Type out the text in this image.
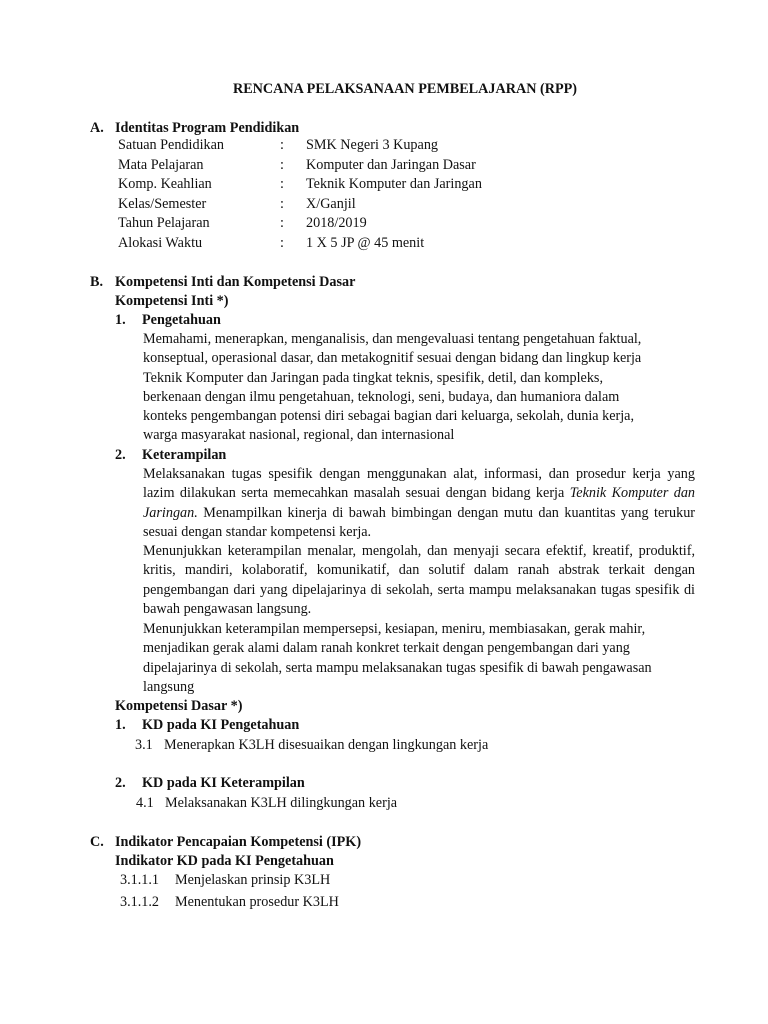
RENCANA PELAKSANAAN PEMBELAJARAN (RPP)
A. Identitas Program Pendidikan
Satuan Pendidikan	: SMK Negeri 3 Kupang
Mata Pelajaran	: Komputer dan Jaringan Dasar
Komp. Keahlian	: Teknik Komputer dan Jaringan
Kelas/Semester	: X/Ganjil
Tahun Pelajaran	: 2018/2019
Alokasi Waktu	: 1 X 5 JP @ 45 menit
B. Kompetensi Inti dan Kompetensi Dasar
Kompetensi Inti *)
1. Pengetahuan
Memahami, menerapkan, menganalisis, dan mengevaluasi tentang pengetahuan faktual,
konseptual, operasional dasar, dan metakognitif sesuai dengan bidang dan lingkup kerja
Teknik Komputer dan Jaringan pada tingkat teknis, spesifik, detil, dan kompleks,
berkenaan dengan ilmu pengetahuan, teknologi, seni, budaya, dan humaniora dalam
konteks pengembangan potensi diri sebagai bagian dari keluarga, sekolah, dunia kerja,
warga masyarakat nasional, regional, dan internasional
2. Keterampilan
Melaksanakan tugas spesifik dengan menggunakan alat, informasi, dan prosedur kerja yang lazim dilakukan serta memecahkan masalah sesuai dengan bidang kerja Teknik Komputer dan Jaringan. Menampilkan kinerja di bawah bimbingan dengan mutu dan kuantitas yang terukur sesuai dengan standar kompetensi kerja.
Menunjukkan keterampilan menalar, mengolah, dan menyaji secara efektif, kreatif, produktif, kritis, mandiri, kolaboratif, komunikatif, dan solutif dalam ranah abstrak terkait dengan pengembangan dari yang dipelajarinya di sekolah, serta mampu melaksanakan tugas spesifik di bawah pengawasan langsung.
Menunjukkan keterampilan mempersepsi, kesiapan, meniru, membiasakan, gerak mahir,
menjadikan gerak alami dalam ranah konkret terkait dengan pengembangan dari yang
dipelajarinya di sekolah, serta mampu melaksanakan tugas spesifik di bawah pengawasan
langsung
Kompetensi Dasar *)
1. KD pada KI Pengetahuan
3.1 Menerapkan K3LH disesuaikan dengan lingkungan kerja
2. KD pada KI Keterampilan
4.1 Melaksanakan K3LH dilingkungan kerja
C. Indikator Pencapaian Kompetensi (IPK)
Indikator KD pada KI Pengetahuan
3.1.1.1 Menjelaskan prinsip K3LH
3.1.1.2 Menentukan prosedur K3LH
